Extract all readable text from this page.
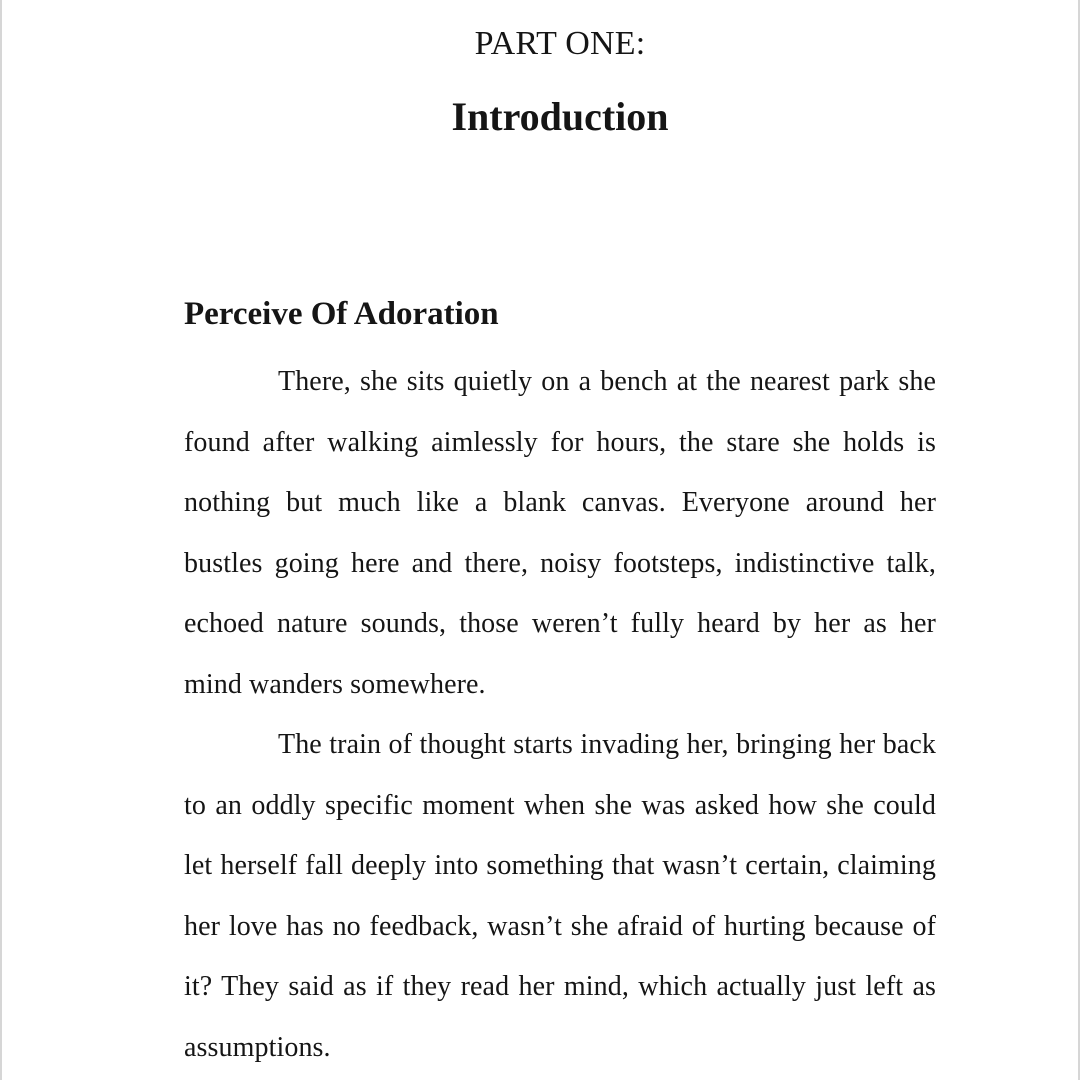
PART ONE:
Introduction
Perceive Of Adoration

There, she sits quietly on a bench at the nearest park she found after walking aimlessly for hours, the stare she holds is nothing but much like a blank canvas. Everyone around her bustles going here and there, noisy footsteps, indistinctive talk, echoed nature sounds, those weren’t fully heard by her as her mind wanders somewhere.

The train of thought starts invading her, bringing her back to an oddly specific moment when she was asked how she could let herself fall deeply into something that wasn’t certain, claiming her love has no feedback, wasn’t she afraid of hurting because of it? They said as if they read her mind, which actually just left as assumptions.
